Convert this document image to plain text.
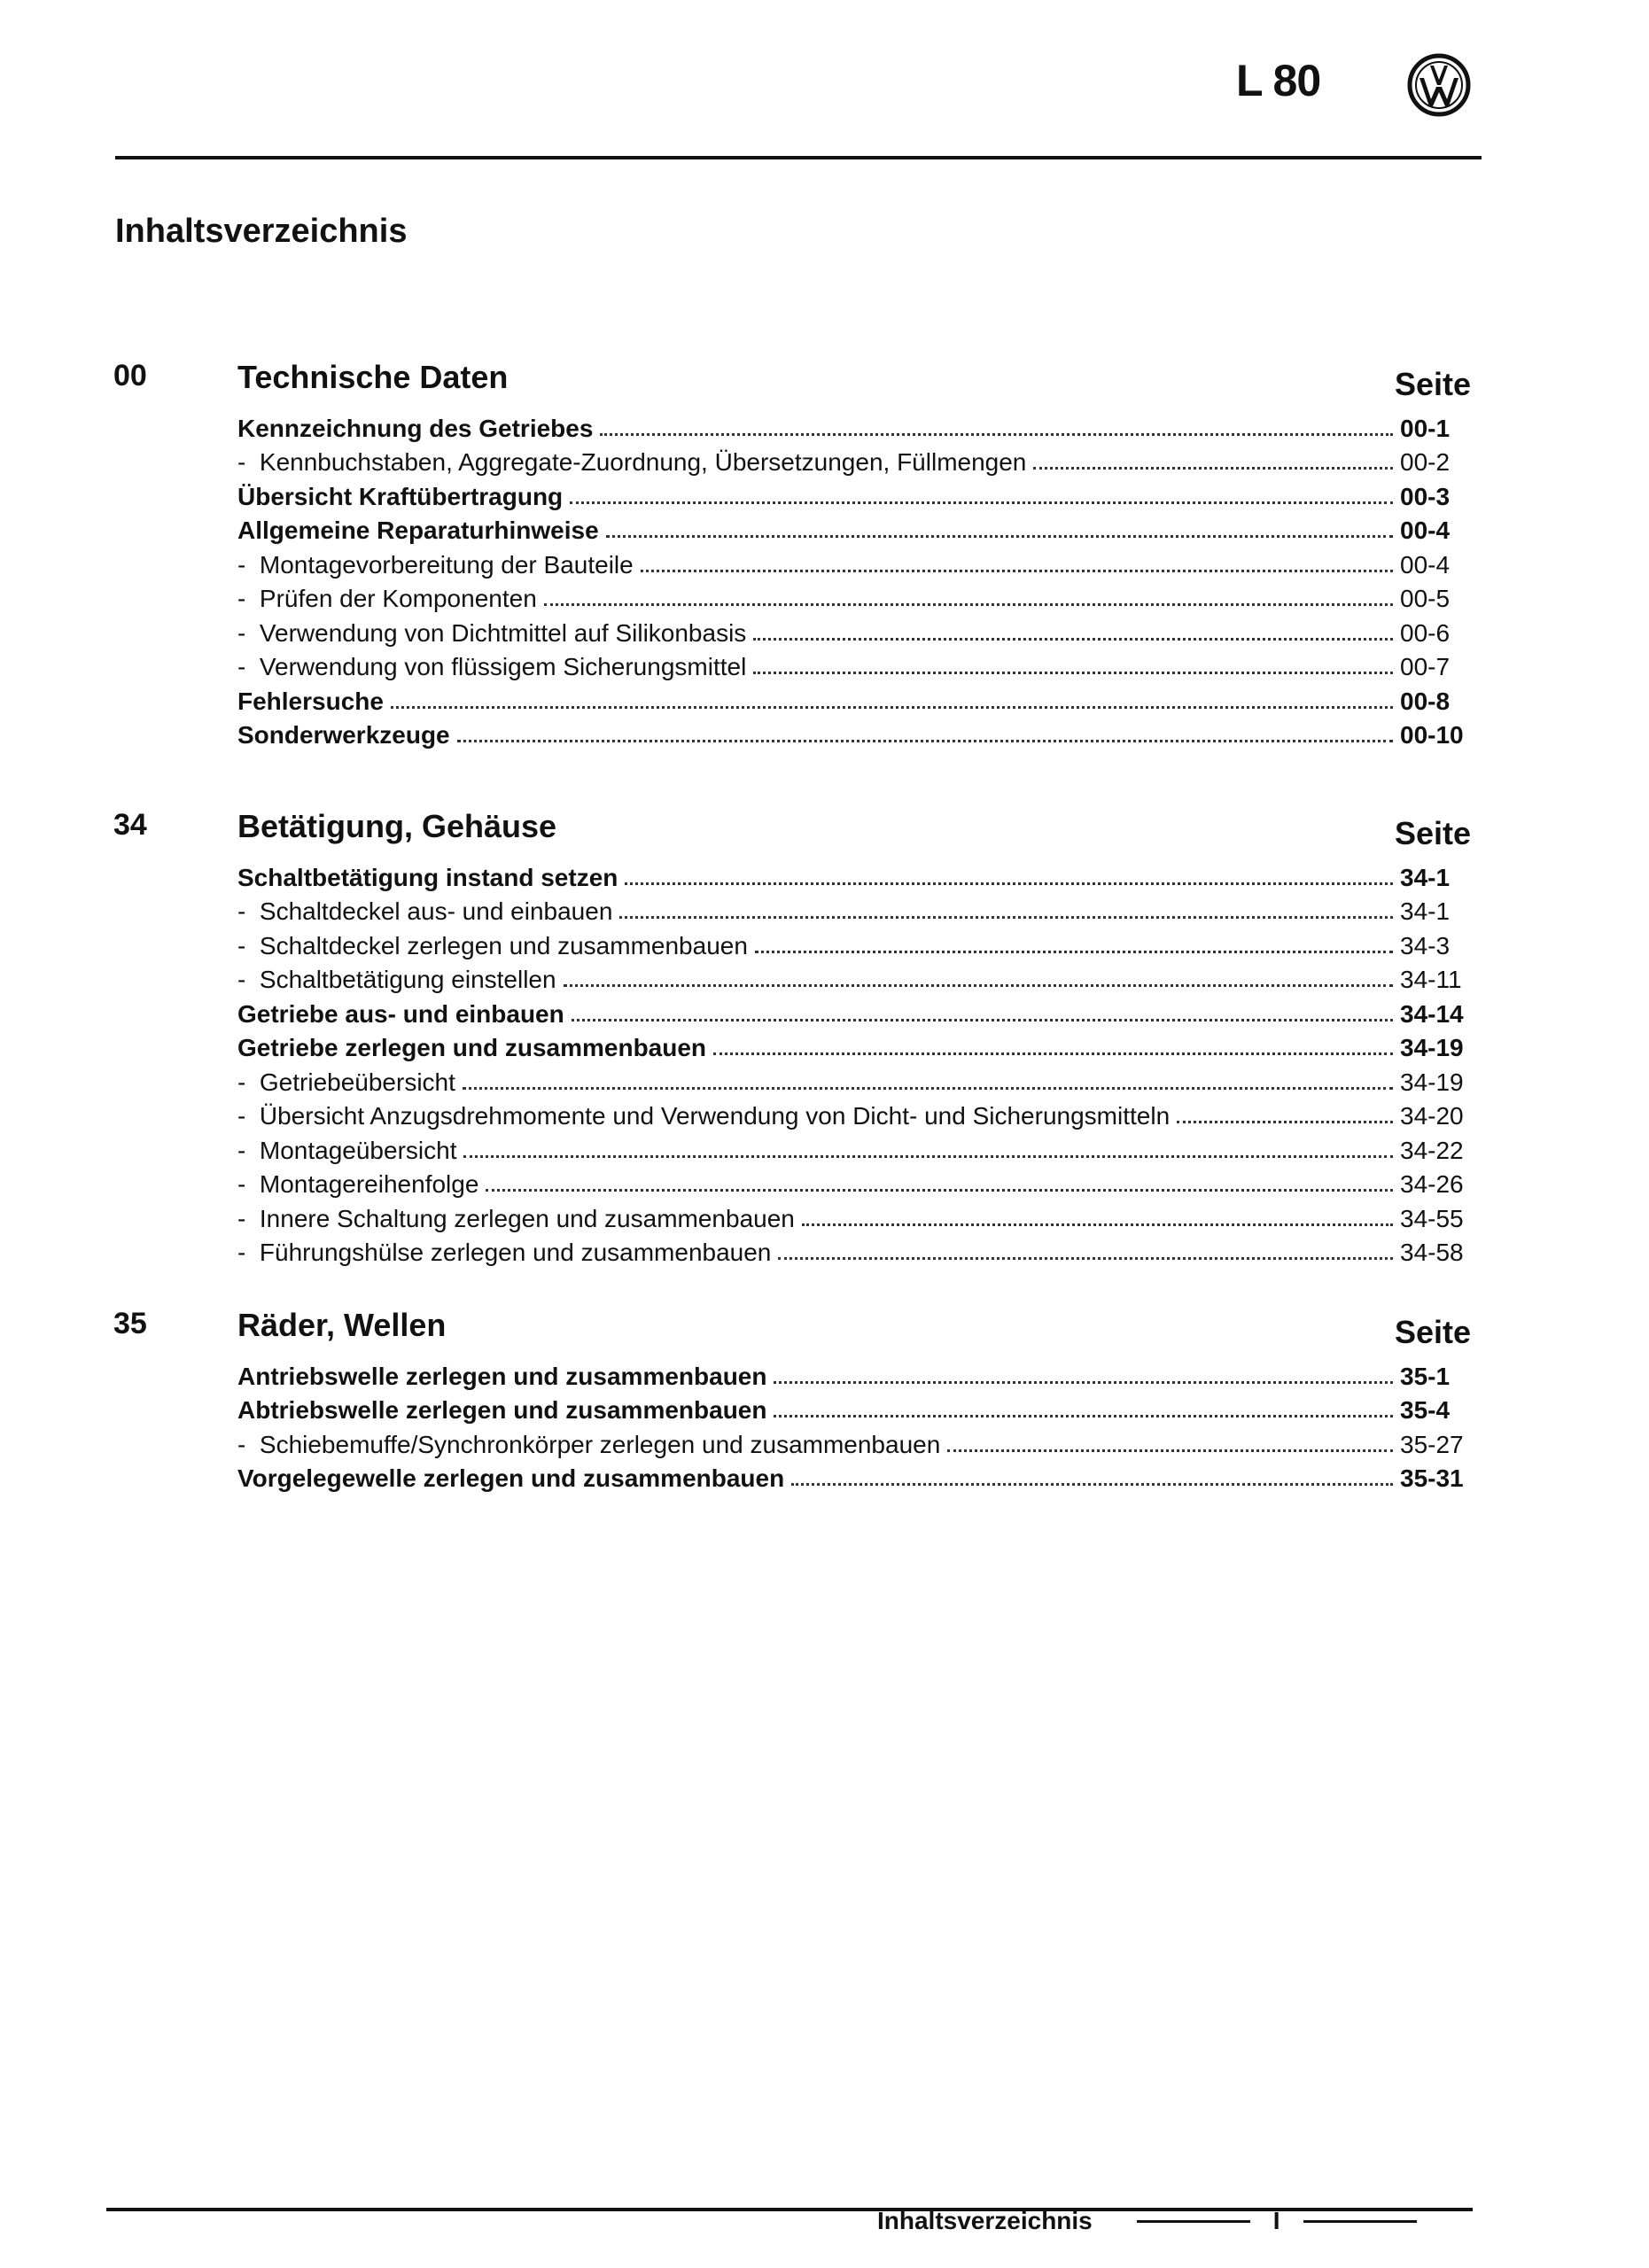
L 80
Inhaltsverzeichnis
00	Technische Daten	Seite
Kennzeichnung des Getriebes	00-1
-  Kennbuchstaben, Aggregate-Zuordnung, Übersetzungen, Füllmengen	00-2
Übersicht Kraftübertragung	00-3
Allgemeine Reparaturhinweise	00-4
-  Montagevorbereitung der Bauteile	00-4
-  Prüfen der Komponenten	00-5
-  Verwendung von Dichtmittel auf Silikonbasis	00-6
-  Verwendung von flüssigem Sicherungsmittel	00-7
Fehlersuche	00-8
Sonderwerkzeuge	00-10
34	Betätigung, Gehäuse	Seite
Schaltbetätigung instand setzen	34-1
-  Schaltdeckel aus- und einbauen	34-1
-  Schaltdeckel zerlegen und zusammenbauen	34-3
-  Schaltbetätigung einstellen	34-11
Getriebe aus- und einbauen	34-14
Getriebe zerlegen und zusammenbauen	34-19
-  Getriebeübersicht	34-19
-  Übersicht Anzugsdrehmomente und Verwendung von Dicht- und Sicherungsmitteln	34-20
-  Montageübersicht	34-22
-  Montagereihenfolge	34-26
-  Innere Schaltung zerlegen und zusammenbauen	34-55
-  Führungshülse zerlegen und zusammenbauen	34-58
35	Räder, Wellen	Seite
Antriebswelle zerlegen und zusammenbauen	35-1
Abtriebswelle zerlegen und zusammenbauen	35-4
-  Schiebemuffe/Synchronkörper zerlegen und zusammenbauen	35-27
Vorgelegewelle zerlegen und zusammenbauen	35-31
Inhaltsverzeichnis	I
